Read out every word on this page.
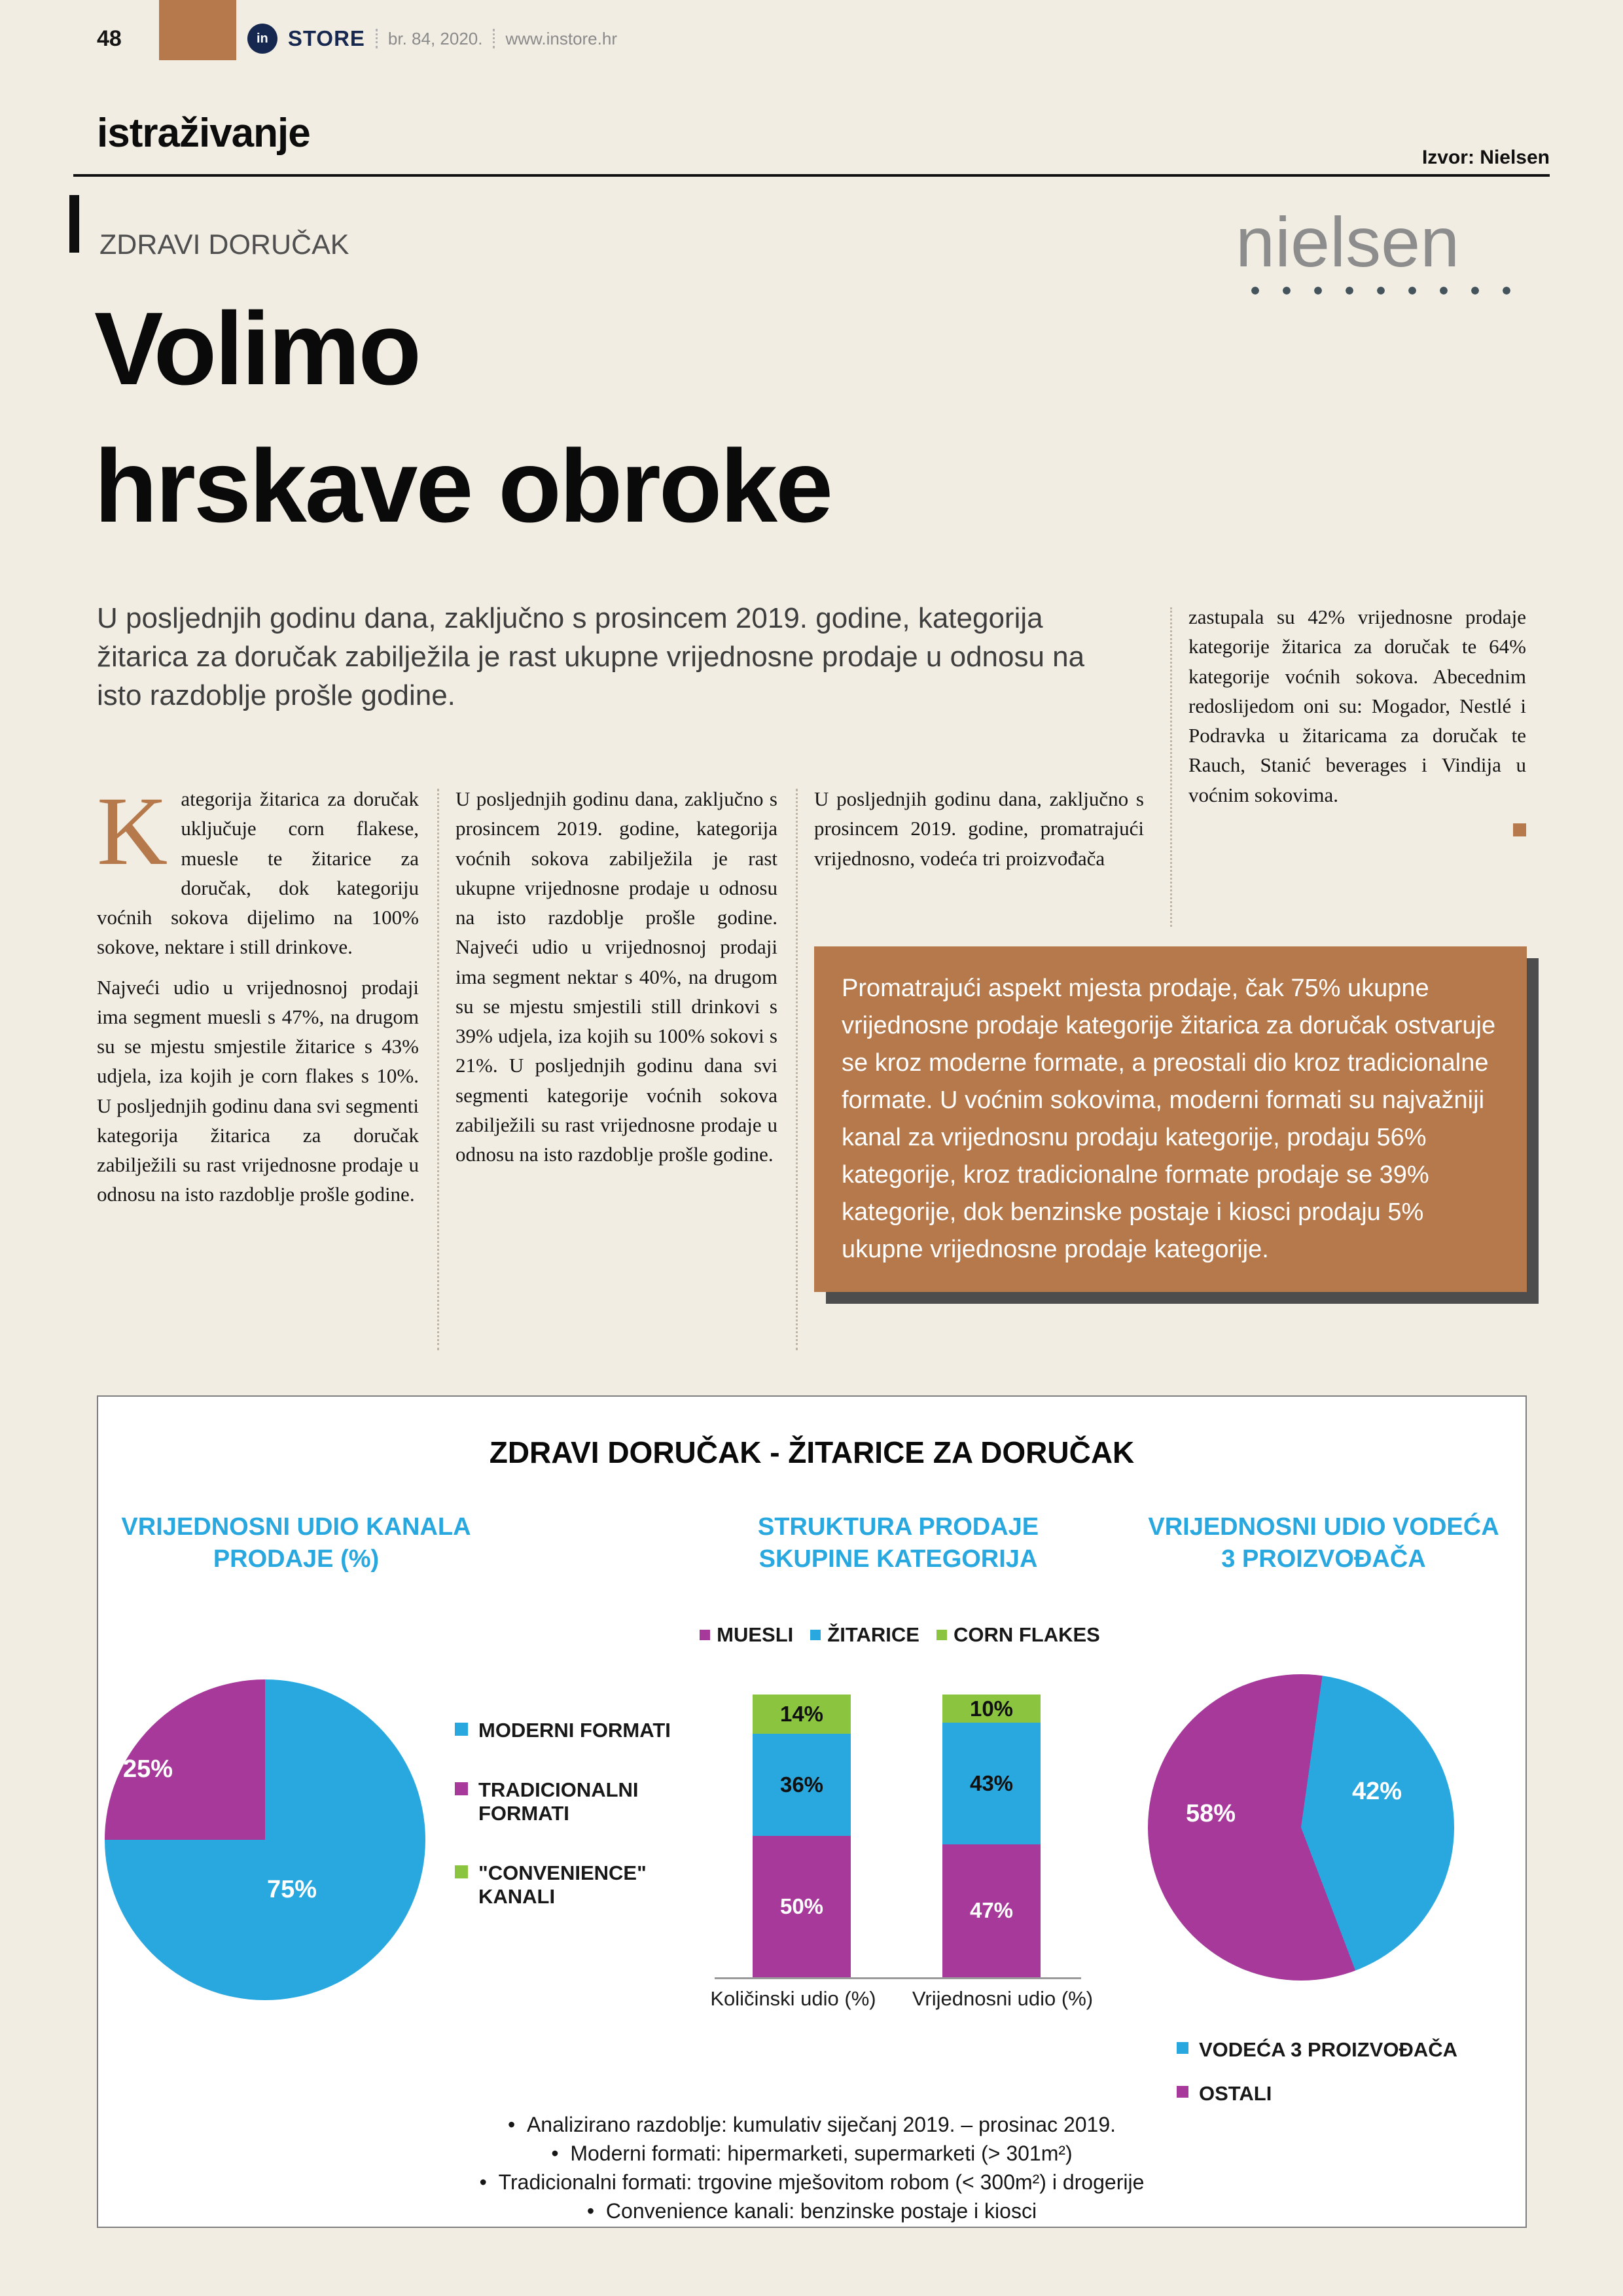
48	in STORE br. 84, 2020. www.instore.hr
istraživanje
Izvor: Nielsen
ZDRAVI DORUČAK	nielsen
Volimo
hrskave obroke
U posljednjih godinu dana, zaključno s prosincem 2019. godine, kategorija žitarica za doručak zabilježila je rast ukupne vrijednosne prodaje u odnosu na isto razdoblje prošle godine.

Kategorija žitarica za doručak uključuje corn flakese, muesle te žitarice za doručak, dok kategoriju voćnih sokova dijelimo na 100% sokove, nektare i still drinkove.

Najveći udio u vrijednosnoj prodaji ima segment muesli s 47%, na drugom su se mjestu smjestile žitarice s 43% udjela, iza kojih je corn flakes s 10%. U posljednjih godinu dana svi segmenti kategorija žitarica za doručak zabilježili su rast vrijednosne prodaje u odnosu na isto razdoblje prošle godine.

U posljednjih godinu dana, zaključno s prosincem 2019. godine, kategorija voćnih sokova zabilježila je rast ukupne vrijednosne prodaje u odnosu na isto razdoblje prošle godine. Najveći udio u vrijednosnoj prodaji ima segment nektar s 40%, na drugom su se mjestu smjestili still drinkovi s 39% udjela, iza kojih su 100% sokovi s 21%. U posljednjih godinu dana svi segmenti kategorije voćnih sokova zabilježili su rast vrijednosne prodaje u odnosu na isto razdoblje prošle godine.

U posljednjih godinu dana, zaključno s prosincem 2019. godine, promatrajući vrijednosno, vodeća tri proizvođača

zastupala su 42% vrijednosne prodaje kategorije žitarica za doručak te 64% kategorije voćnih sokova. Abecednim redoslijedom oni su: Mogador, Nestlé i Podravka u žitaricama za doručak te Rauch, Stanić beverages i Vindija u voćnim sokovima.

Promatrajući aspekt mjesta prodaje, čak 75% ukupne vrijednosne prodaje kategorije žitarica za doručak ostvaruje se kroz moderne formate, a preostali dio kroz tradicionalne formate. U voćnim sokovima, moderni formati su najvažniji kanal za vrijednosnu prodaju kategorije, prodaju 56% kategorije, kroz tradicionalne formate prodaje se 39% kategorije, dok benzinske postaje i kiosci prodaju 5% ukupne vrijednosne prodaje kategorije.
ZDRAVI DORUČAK - ŽITARICE ZA DORUČAK
VRIJEDNOSNI UDIO KANALA PRODAJE (%)
STRUKTURA PRODAJE SKUPINE KATEGORIJA
VRIJEDNOSNI UDIO VODEĆA 3 PROIZVOĐAČA
25%
75%
MODERNI FORMATI
TRADICIONALNI FORMATI
"CONVENIENCE" KANALI
MUESLI ŽITARICE CORN FLAKES
14%
36%
50%
10%
43%
47%
Količinski udio (%)	Vrijednosni udio (%)
42%
58%
VODEĆA 3 PROIZVOĐAČA
OSTALI
•  Analizirano razdoblje: kumulativ siječanj 2019. – prosinac 2019.
•  Moderni formati: hipermarketi, supermarketi (> 301m²)
•  Tradicionalni formati: trgovine mješovitom robom (< 300m²) i drogerije
•  Convenience kanali: benzinske postaje i kiosci
